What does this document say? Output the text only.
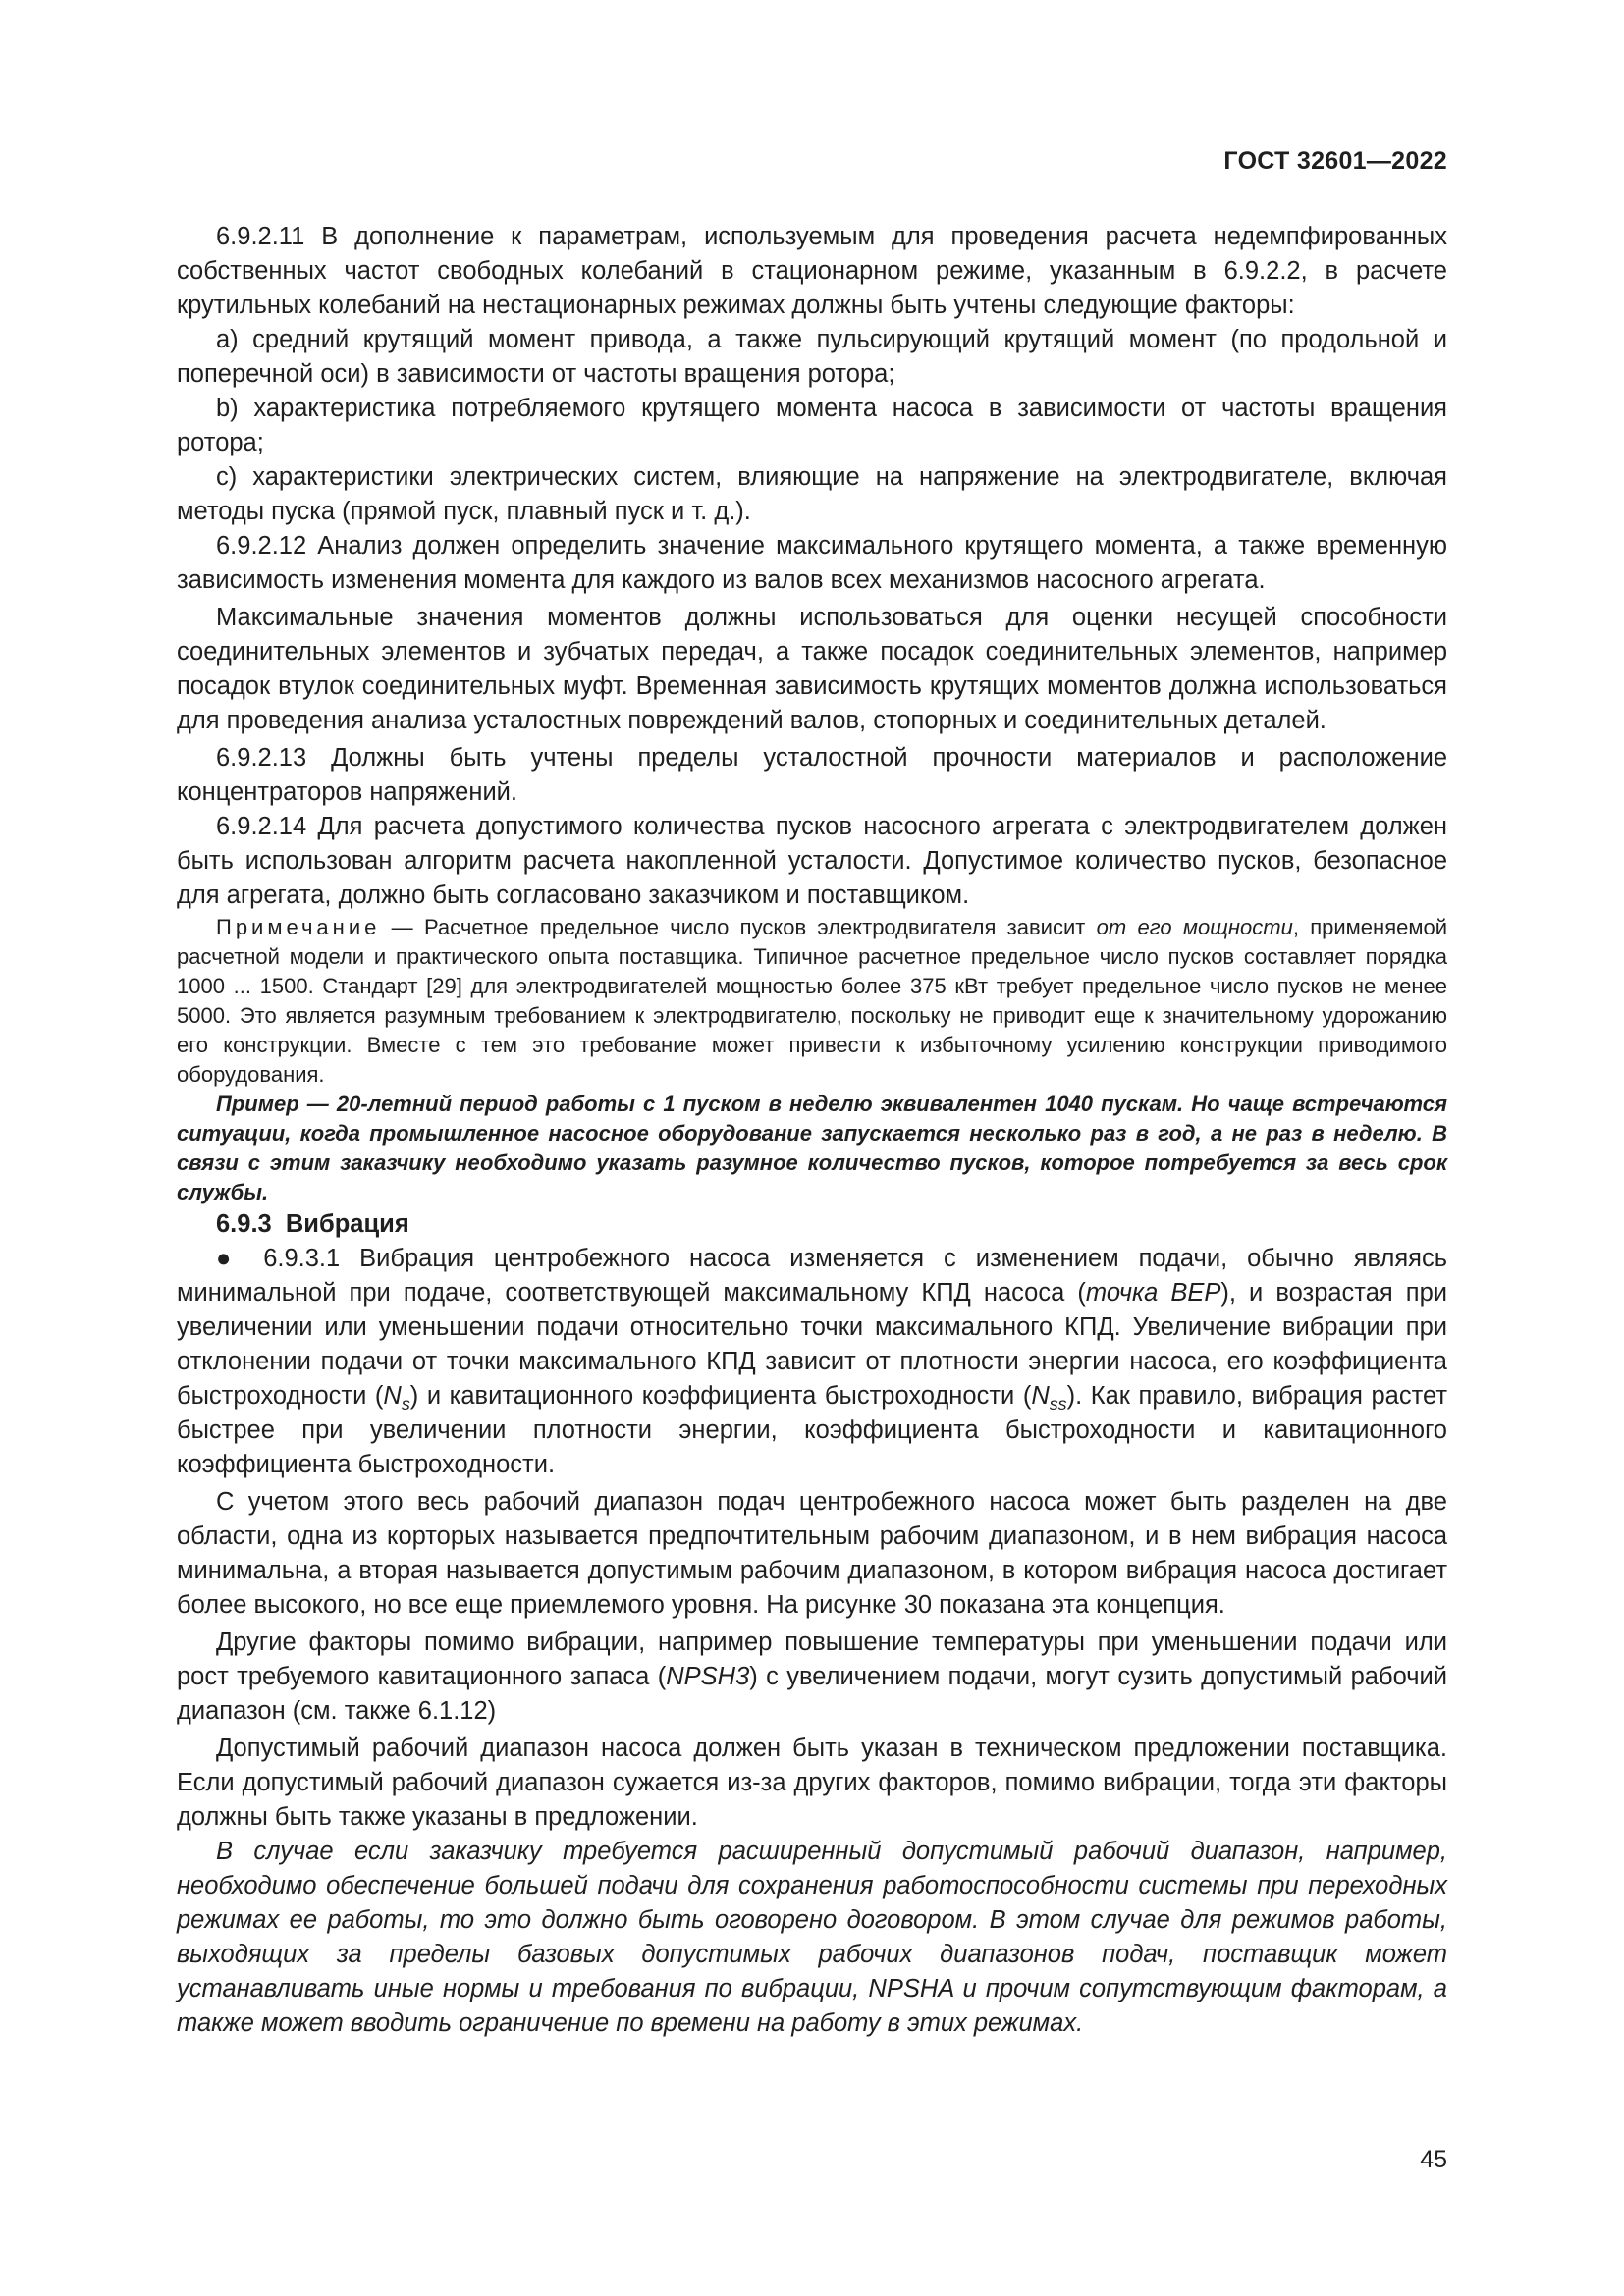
ГОСТ 32601—2022

6.9.2.11 В дополнение к параметрам, используемым для проведения расчета недемпфированных собственных частот свободных колебаний в стационарном режиме, указанным в 6.9.2.2, в расчете крутильных колебаний на нестационарных режимах должны быть учтены следующие факторы:

a) средний крутящий момент привода, а также пульсирующий крутящий момент (по продольной и поперечной оси) в зависимости от частоты вращения ротора;

b) характеристика потребляемого крутящего момента насоса в зависимости от частоты вращения ротора;

c) характеристики электрических систем, влияющие на напряжение на электродвигателе, включая методы пуска (прямой пуск, плавный пуск и т. д.).

6.9.2.12 Анализ должен определить значение максимального крутящего момента, а также временную зависимость изменения момента для каждого из валов всех механизмов насосного агрегата.

Максимальные значения моментов должны использоваться для оценки несущей способности соединительных элементов и зубчатых передач, а также посадок соединительных элементов, например посадок втулок соединительных муфт. Временная зависимость крутящих моментов должна использоваться для проведения анализа усталостных повреждений валов, стопорных и соединительных деталей.

6.9.2.13 Должны быть учтены пределы усталостной прочности материалов и расположение концентраторов напряжений.

6.9.2.14 Для расчета допустимого количества пусков насосного агрегата с электродвигателем должен быть использован алгоритм расчета накопленной усталости. Допустимое количество пусков, безопасное для агрегата, должно быть согласовано заказчиком и поставщиком.

Примечание — Расчетное предельное число пусков электродвигателя зависит от его мощности, применяемой расчетной модели и практического опыта поставщика. Типичное расчетное предельное число пусков составляет порядка 1000 ... 1500. Стандарт [29] для электродвигателей мощностью более 375 кВт требует предельное число пусков не менее 5000. Это является разумным требованием к электродвигателю, поскольку не приводит еще к значительному удорожанию его конструкции. Вместе с тем это требование может привести к избыточному усилению конструкции приводимого оборудования.

Пример — 20-летний период работы с 1 пуском в неделю эквивалентен 1040 пускам. Но чаще встречаются ситуации, когда промышленное насосное оборудование запускается несколько раз в год, а не раз в неделю. В связи с этим заказчику необходимо указать разумное количество пусков, которое потребуется за весь срок службы.

6.9.3 Вибрация

● 6.9.3.1 Вибрация центробежного насоса изменяется с изменением подачи, обычно являясь минимальной при подаче, соответствующей максимальному КПД насоса (точка BEP), и возрастая при увеличении или уменьшении подачи относительно точки максимального КПД. Увеличение вибрации при отклонении подачи от точки максимального КПД зависит от плотности энергии насоса, его коэффициента быстроходности $(N_s)$ и кавитационного коэффициента быстроходности $(N_{ss})$. Как правило, вибрация растет быстрее при увеличении плотности энергии, коэффициента быстроходности и кавитационного коэффициента быстроходности.

С учетом этого весь рабочий диапазон подач центробежного насоса может быть разделен на две области, одна из корторых называется предпочтительным рабочим диапазоном, и в нем вибрация насоса минимальна, а вторая называется допустимым рабочим диапазоном, в котором вибрация насоса достигает более высокого, но все еще приемлемого уровня. На рисунке 30 показана эта концепция.

Другие факторы помимо вибрации, например повышение температуры при уменьшении подачи или рост требуемого кавитационного запаса (NPSH3) с увеличением подачи, могут сузить допустимый рабочий диапазон (см. также 6.1.12)

Допустимый рабочий диапазон насоса должен быть указан в техническом предложении поставщика. Если допустимый рабочий диапазон сужается из-за других факторов, помимо вибрации, тогда эти факторы должны быть также указаны в предложении.

В случае если заказчику требуется расширенный допустимый рабочий диапазон, например, необходимо обеспечение большей подачи для сохранения работоспособности системы при переходных режимах ее работы, то это должно быть оговорено договором. В этом случае для режимов работы, выходящих за пределы базовых допустимых рабочих диапазонов подач, поставщик может устанавливать иные нормы и требования по вибрации, NPSHA и прочим сопутствующим факторам, а также может вводить ограничение по времени на работу в этих режимах.

45
